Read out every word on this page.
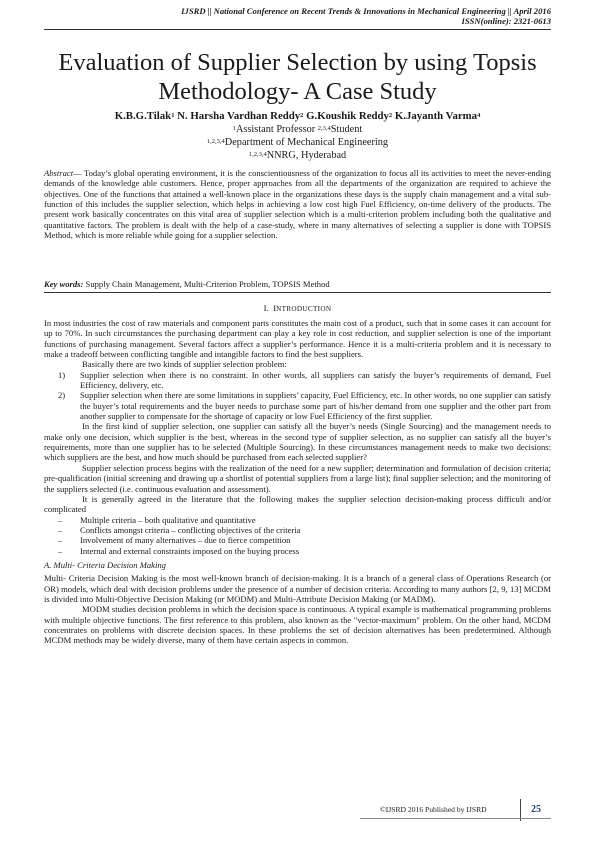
IJSRD || National Conference on Recent Trends & Innovations in Mechanical Engineering || April 2016
ISSN(online): 2321-0613
Evaluation of Supplier Selection by using Topsis
Methodology- A Case Study
K.B.G.Tilak$^1$ N. Harsha Vardhan Reddy$^2$ G.Koushik Reddy$^2$ K.Jayanth Varma$^4$
$^1$Assistant Professor $^{2,3,4}$Student
$^{1,2,3,4}$Department of Mechanical Engineering
$^{1,2,3,4}$NNRG, Hyderabad
Abstract— Today’s global operating environment, it is the conscientiousness of the organization to focus all its activities to meet the never-ending demands of the knowledge able customers. Hence, proper approaches from all the departments of the organization are required to achieve the objectives. One of the functions that attained a well-known place in the organizations these days is the supply chain management and a vital sub-function of this includes the supplier selection, which helps in achieving a low cost high Fuel Efficiency, on-time delivery of the products. The present work basically concentrates on this vital area of supplier selection which is a multi-criterion problem including both the qualitative and quantitative factors. The problem is dealt with the help of a case-study, where in many alternatives of selecting a supplier is done with TOPSIS Method, which is more reliable while going for a supplier selection.
Key words: Supply Chain Management, Multi-Criterion Problem, TOPSIS Method
I. INTRODUCTION

In most industries the cost of raw materials and component parts constitutes the main cost of a product, such that in some cases it can account for up to 70%. In such circumstances the purchasing department can play a key role in cost reduction, and supplier selection is one of the important functions of purchasing management. Several factors affect a supplier’s performance. Hence it is a multi-criteria problem and it is necessary to make a tradeoff between conflicting tangible and intangible factors to find the best suppliers.

Basically there are two kinds of supplier selection problem:

1) Supplier selection when there is no constraint. In other words, all suppliers can satisfy the buyer’s requirements of demand, Fuel Efficiency, delivery, etc.

2) Supplier selection when there are some limitations in suppliers’ capacity, Fuel Efficiency, etc. In other words, no one supplier can satisfy the buyer’s total requirements and the buyer needs to purchase some part of his/her demand from one supplier and the other part from another supplier to compensate for the shortage of capacity or low Fuel Efficiency of the first supplier.

In the first kind of supplier selection, one supplier can satisfy all the buyer’s needs (Single Sourcing) and the management needs to make only one decision, which supplier is the best, whereas in the second type of supplier selection, as no supplier can satisfy all the buyer’s requirements, more than one supplier has to be selected (Multiple Sourcing). In these circumstances management needs to make two decisions: which suppliers are the best, and how much should be purchased from each selected supplier?

Supplier selection process begins with the realization of the need for a new supplier; determination and formulation of decision criteria; pre-qualification (initial screening and drawing up a shortlist of potential suppliers from a large list); final supplier selection; and the monitoring of the suppliers selected (i.e. continuous evaluation and assessment).

It is generally agreed in the literature that the following makes the supplier selection decision-making process difficult and/or complicated

– Multiple criteria – both qualitative and quantitative

– Conflicts amongst criteria – conflicting objectives of the criteria

– Involvement of many alternatives – due to fierce competition

– Internal and external constraints imposed on the buying process

A. Multi- Criteria Decision Making

Multi- Criteria Decision Making is the most well-known branch of decision-making. It is a branch of a general class of Operations Research (or OR) models, which deal with decision problems under the presence of a number of decision criteria. According to many authors [2, 9, 13] MCDM is divided into Multi-Objective Decision Making (or MODM) and Multi-Attribute Decision Making (or MADM).

MODM studies decision problems in which the decision space is continuous. A typical example is mathematical programming problems with multiple objective functions. The first reference to this problem, also known as the "vector-maximum" problem. On the other hand, MCDM concentrates on problems with discrete decision spaces. In these problems the set of decision alternatives has been predetermined. Although MCDM methods may be widely diverse, many of them have certain aspects in common.

©IJSRD 2016 Published by IJSRD	25
